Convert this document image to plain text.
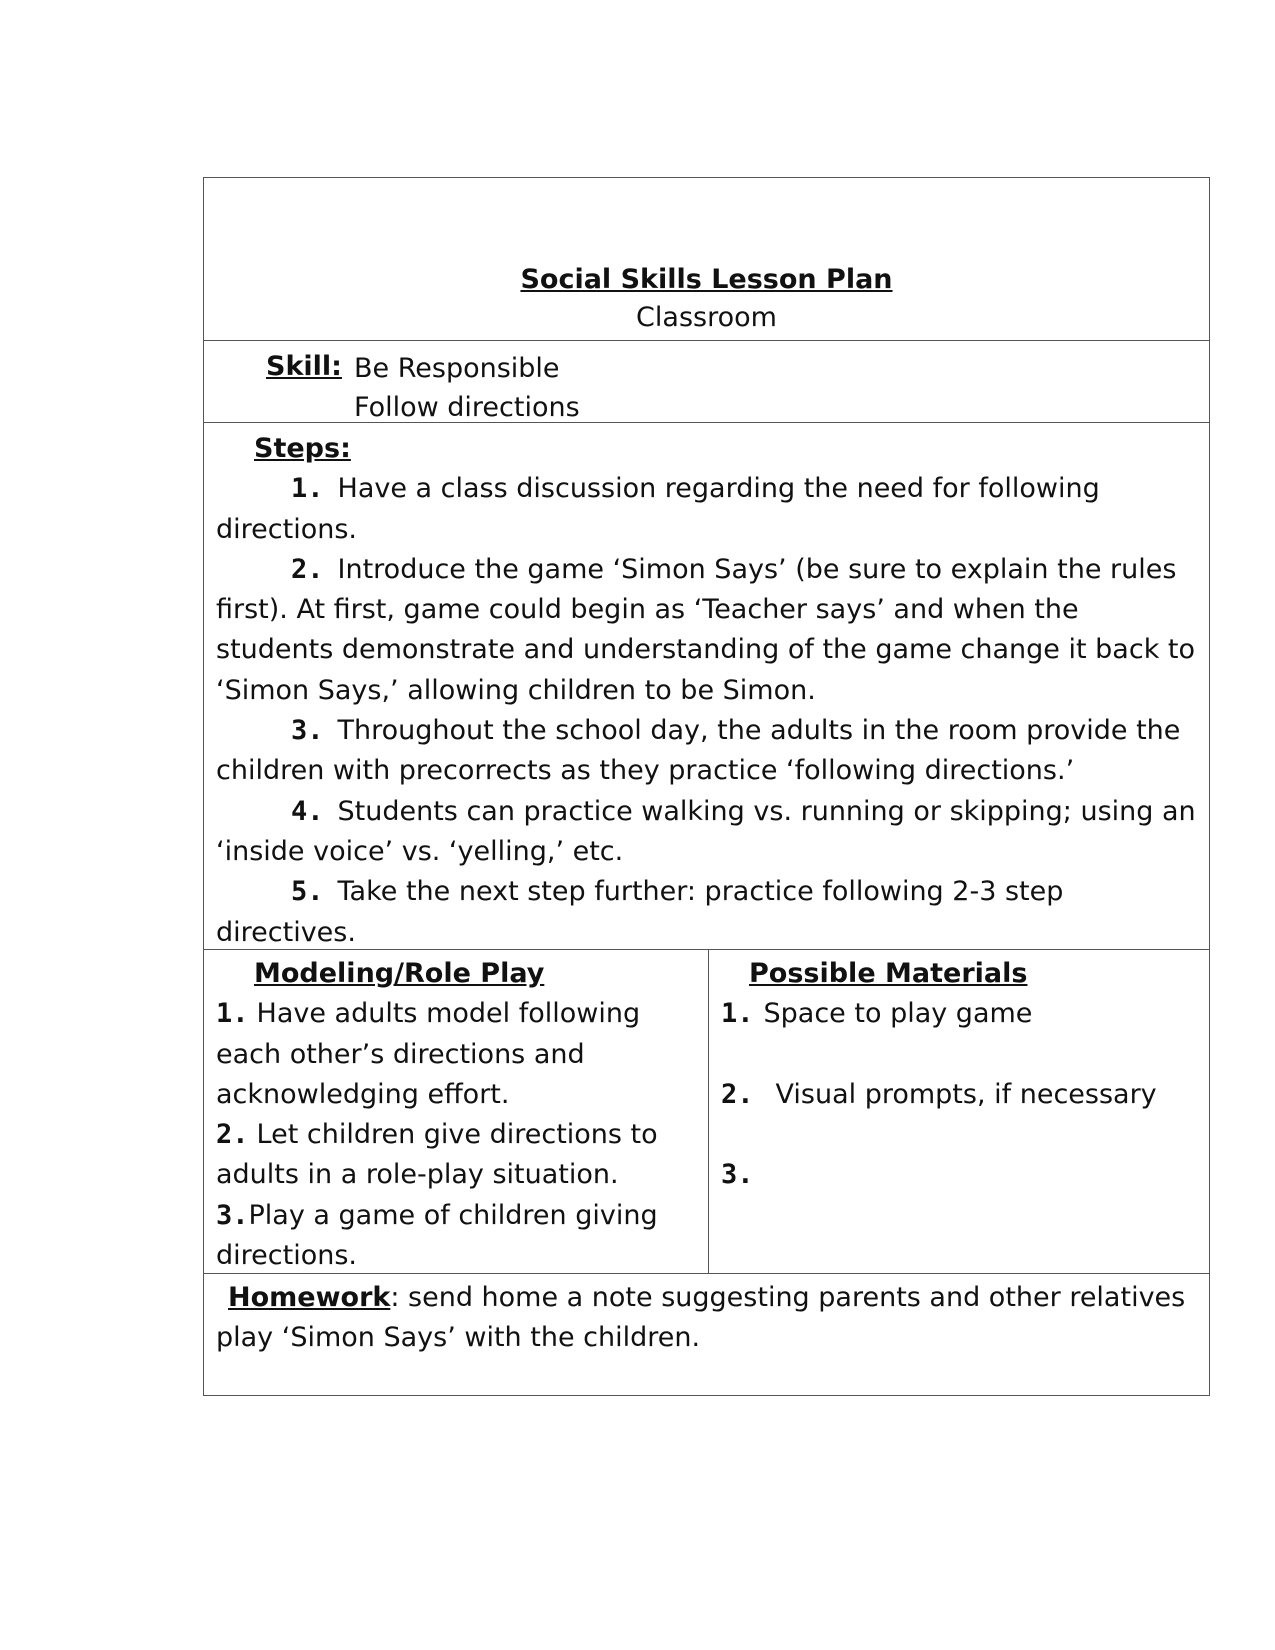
Social Skills Lesson Plan
Classroom
Skill: Be Responsible
Follow directions
Steps:

1. Have a class discussion regarding the need for following directions.

2. Introduce the game ‘Simon Says’ (be sure to explain the rules first). At first, game could begin as ‘Teacher says’ and when the students demonstrate and understanding of the game change it back to ‘Simon Says,’ allowing children to be Simon.

3. Throughout the school day, the adults in the room provide the children with precorrects as they practice ‘following directions.’

4. Students can practice walking vs. running or skipping; using an ‘inside voice’ vs. ‘yelling,’ etc.

5. Take the next step further: practice following 2-3 step directives.

Modeling/Role Play

1. Have adults model following each other’s directions and acknowledging effort.

2. Let children give directions to adults in a role-play situation.

3.Play a game of children giving directions.

Possible Materials

1. Space to play game

2. Visual prompts, if necessary

3.

Homework: send home a note suggesting parents and other relatives play ‘Simon Says’ with the children.
